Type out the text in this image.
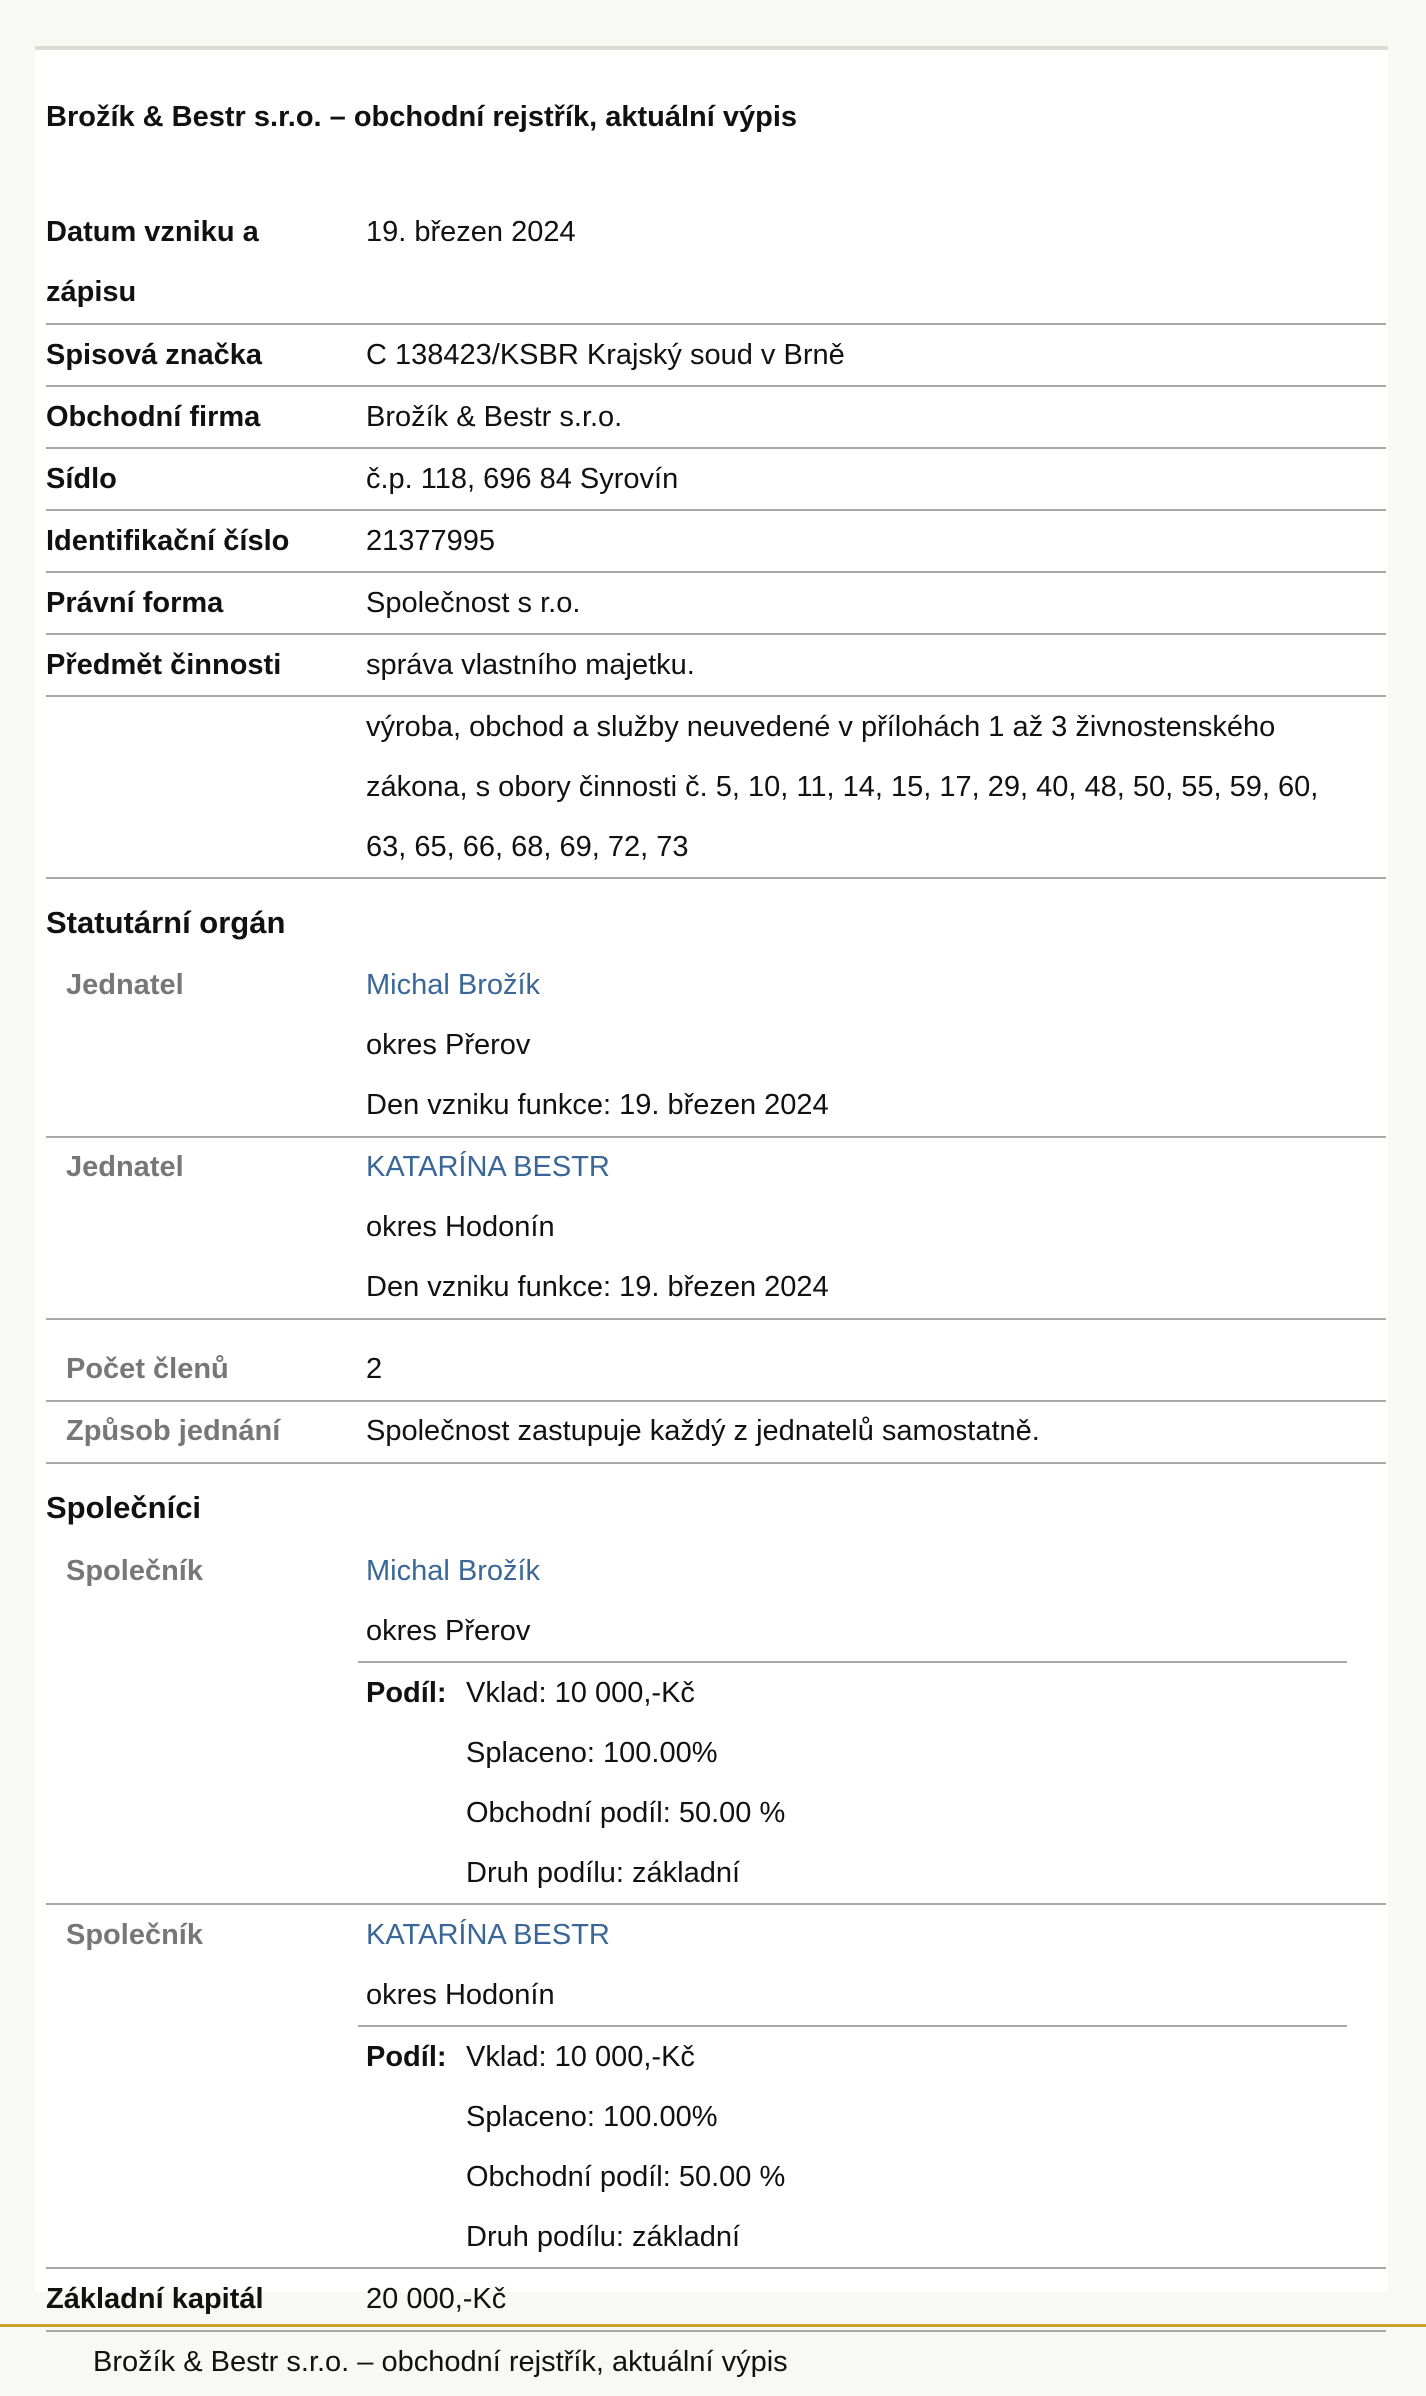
Brožík & Bestr s.r.o. – obchodní rejstřík, aktuální výpis
Datum vzniku a
zápisu
19. březen 2024
Spisová značka	C 138423/KSBR Krajský soud v Brně
Obchodní firma	Brožík & Bestr s.r.o.
Sídlo	č.p. 118, 696 84 Syrovín
Identifikační číslo	21377995
Právní forma	Společnost s r.o.
Předmět činnosti	správa vlastního majetku.
výroba, obchod a služby neuvedené v přílohách 1 až 3 živnostenského
zákona, s obory činnosti č. 5, 10, 11, 14, 15, 17, 29, 40, 48, 50, 55, 59, 60,
63, 65, 66, 68, 69, 72, 73
Statutární orgán
Jednatel	Michal Brožík
okres Přerov
Den vzniku funkce: 19. březen 2024
Jednatel	KATARÍNA BESTR
okres Hodonín
Den vzniku funkce: 19. březen 2024
Počet členů	2
Způsob jednání	Společnost zastupuje každý z jednatelů samostatně.
Společníci
Společník	Michal Brožík
okres Přerov
Podíl: Vklad: 10 000,-Kč
Splaceno: 100.00%
Obchodní podíl: 50.00 %
Druh podílu: základní
Společník	KATARÍNA BESTR
okres Hodonín
Podíl: Vklad: 10 000,-Kč
Splaceno: 100.00%
Obchodní podíl: 50.00 %
Druh podílu: základní
Základní kapitál	20 000,-Kč
Brožík & Bestr s.r.o. – obchodní rejstřík, aktuální výpis
